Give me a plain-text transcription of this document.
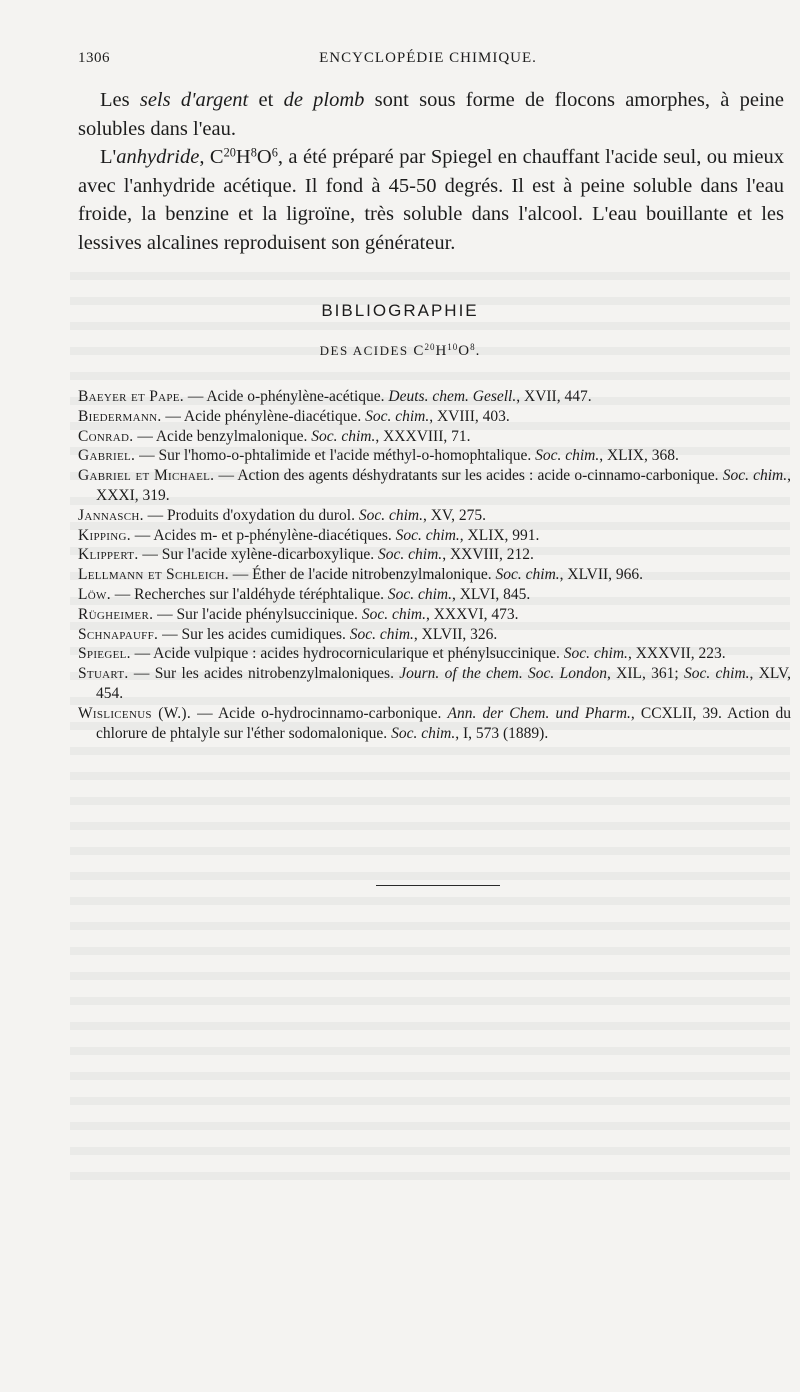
1306	ENCYCLOPÉDIE CHIMIQUE.

Les sels d'argent et de plomb sont sous forme de flocons amorphes, à peine solubles dans l'eau.

L'anhydride, $C^{20}H^8O^6$, a été préparé par Spiegel en chauffant l'acide seul, ou mieux avec l'anhydride acétique. Il fond à 45-50 degrés. Il est à peine soluble dans l'eau froide, la benzine et la ligroïne, très soluble dans l'alcool. L'eau bouillante et les lessives alcalines reproduisent son générateur.

BIBLIOGRAPHIE
DES ACIDES $C^{20}H^{10}O^8$.
Baeyer et Pape. — Acide o-phénylène-acétique. Deuts. chem. Gesell., XVII, 447.
Biedermann. — Acide phénylène-diacétique. Soc. chim., XVIII, 403.
Conrad. — Acide benzylmalonique. Soc. chim., XXXVIII, 71.
Gabriel. — Sur l'homo-o-phtalimide et l'acide méthyl-o-homophtalique. Soc. chim., XLIX, 368.
Gabriel et Michael. — Action des agents déshydratants sur les acides : acide o-cinnamo-carbonique. Soc. chim., XXXI, 319.
Jannasch. — Produits d'oxydation du durol. Soc. chim., XV, 275.
Kipping. — Acides m- et p-phénylène-diacétiques. Soc. chim., XLIX, 991.
Klippert. — Sur l'acide xylène-dicarboxylique. Soc. chim., XXVIII, 212.
Lellmann et Schleich. — Éther de l'acide nitrobenzylmalonique. Soc. chim., XLVII, 966.
Löw. — Recherches sur l'aldéhyde téréphtalique. Soc. chim., XLVI, 845.
Rügheimer. — Sur l'acide phénylsuccinique. Soc. chim., XXXVI, 473.
Schnapauff. — Sur les acides cumidiques. Soc. chim., XLVII, 326.
Spiegel. — Acide vulpique : acides hydrocornicularique et phénylsuccinique. Soc. chim., XXXVII, 223.
Stuart. — Sur les acides nitrobenzylmaloniques. Journ. of the chem. Soc. London, XIL, 361; Soc. chim., XLV, 454.
Wislicenus (W.). — Acide o-hydrocinnamo-carbonique. Ann. der Chem. und Pharm., CCXLII, 39. Action du chlorure de phtalyle sur l'éther sodomalonique. Soc. chim., I, 573 (1889).
